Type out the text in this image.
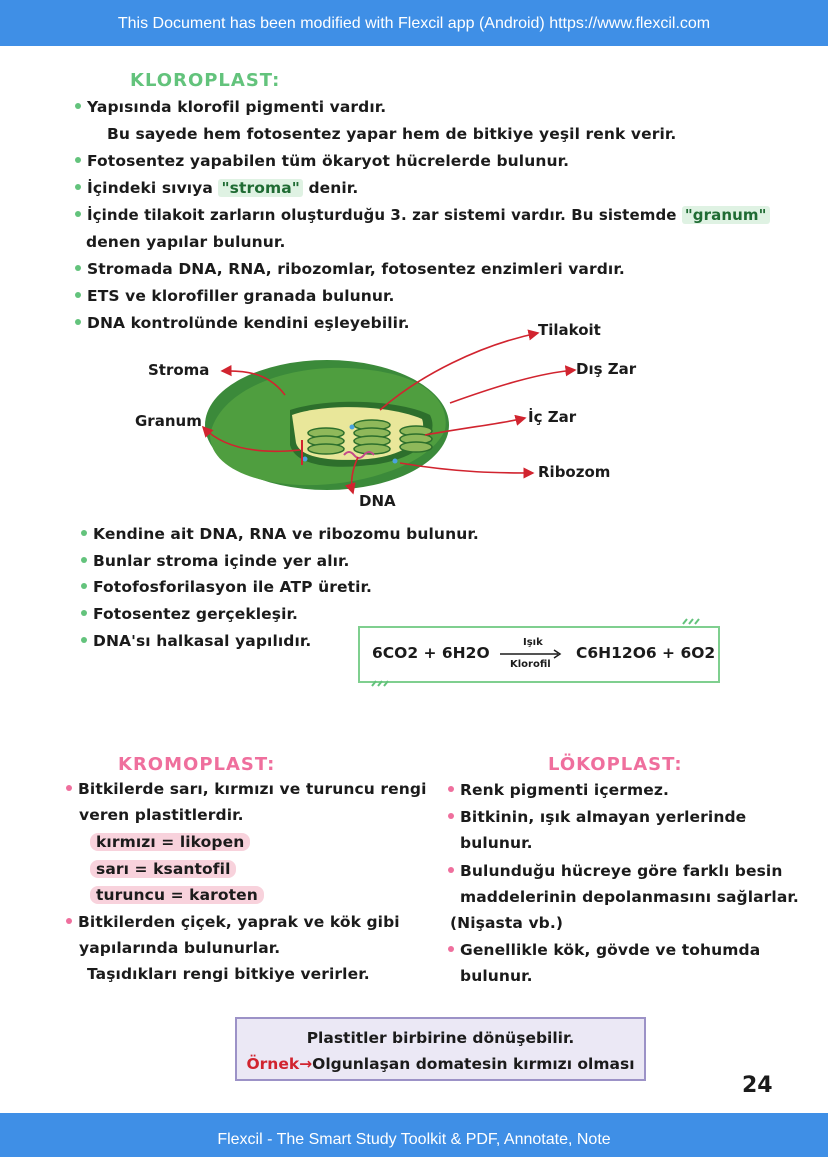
This Document has been modified with Flexcil app (Android) https://www.flexcil.com
KLOROPLAST:
Yapısında klorofil pigmenti vardır.
Bu sayede hem fotosentez yapar hem de bitkiye yeşil renk verir.
Fotosentez yapabilen tüm ökaryot hücrelerde bulunur.
İçindeki sıvıya "stroma" denir.
İçinde tilakoit zarların oluşturduğu 3. zar sistemi vardır. Bu sistemde "granum"
denen yapılar bulunur.
Stromada DNA, RNA, ribozomlar, fotosentez enzimleri vardır.
ETS ve klorofiller granada bulunur.
DNA kontrolünde kendini eşleyebilir.	Tilakoit
Stroma	Dış Zar
Granum	İç Zar
Ribozom
DNA
Kendine ait DNA, RNA ve ribozomu bulunur.
Bunlar stroma içinde yer alır.
Fotofosforilasyon ile ATP üretir.
Fotosentez gerçekleşir.
DNA'sı halkasal yapılıdır.
6CO2 + 6H2O
Işık
Klorofil
C6H12O6 + 6O2
KROMOPLAST:
Bitkilerde sarı, kırmızı ve turuncu rengi
veren plastitlerdir.
kırmızı = likopen
sarı = ksantofil
turuncu = karoten
Bitkilerden çiçek, yaprak ve kök gibi
yapılarında bulunurlar.
Taşıdıkları rengi bitkiye verirler.
LÖKOPLAST:
Renk pigmenti içermez.
Bitkinin, ışık almayan yerlerinde
bulunur.
Bulunduğu hücreye göre farklı besin
maddelerinin depolanmasını sağlarlar.
(Nişasta vb.)
Genellikle kök, gövde ve tohumda
bulunur.
Plastitler birbirine dönüşebilir.
Örnek→Olgunlaşan domatesin kırmızı olması
24
Flexcil - The Smart Study Toolkit & PDF, Annotate, Note
